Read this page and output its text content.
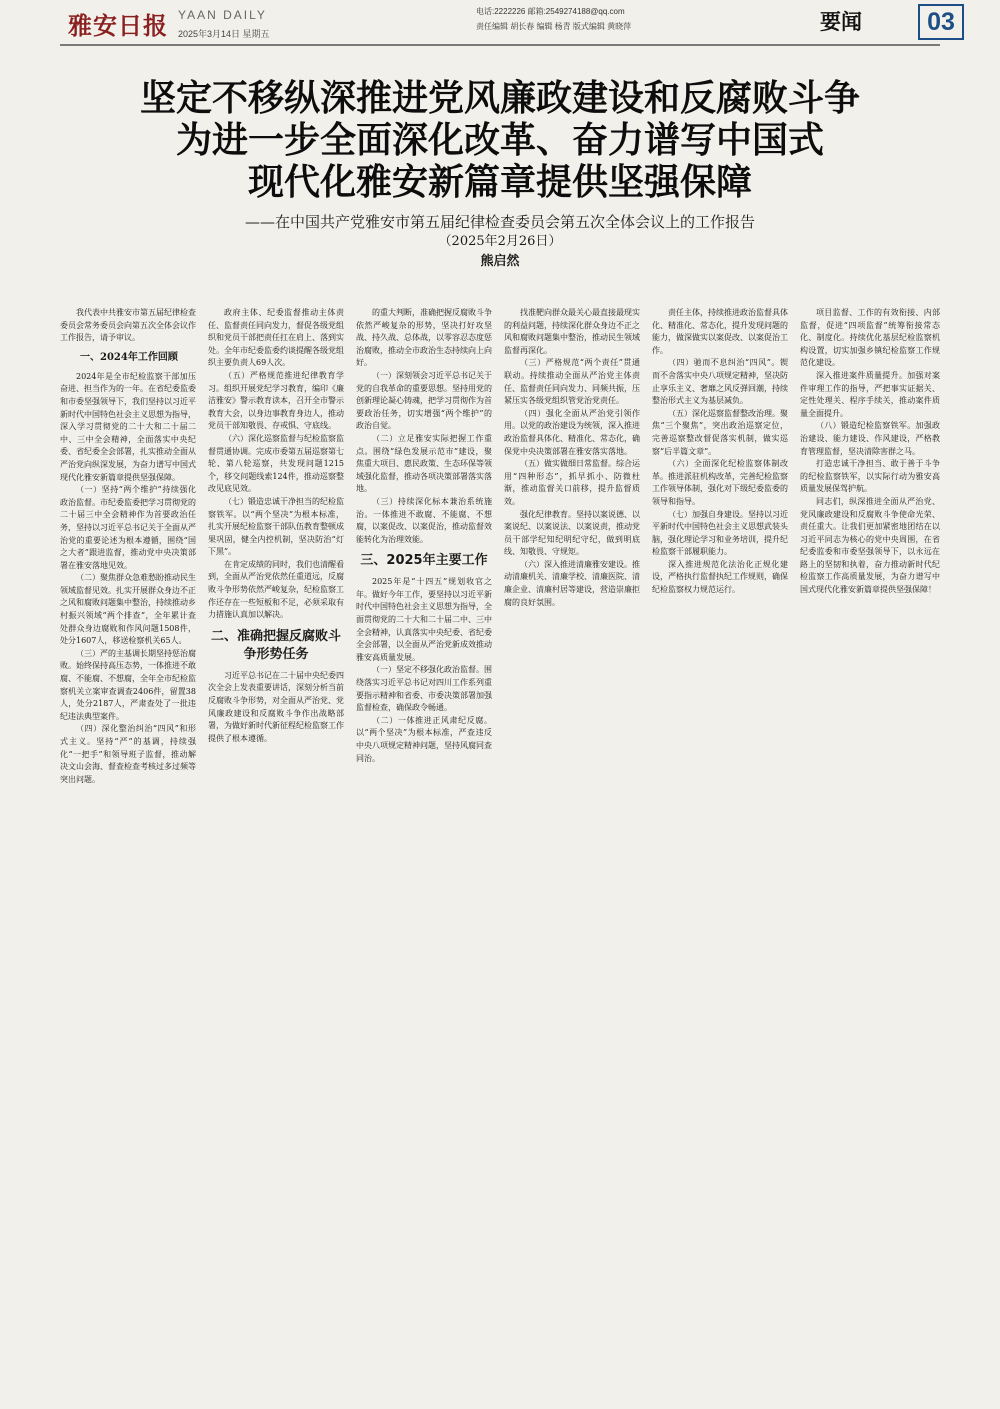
雅安日报 YAAN DAILY
2025年3月14日 星期五
电话:2222226 邮箱:2549274188@qq.com
责任编辑 胡长春 编辑 杨青 版式编辑 黄晓萍	要闻	03
坚定不移纵深推进党风廉政建设和反腐败斗争
为进一步全面深化改革、奋力谱写中国式
现代化雅安新篇章提供坚强保障
——在中国共产党雅安市第五届纪律检查委员会第五次全体会议上的工作报告
（2025年2月26日）
熊启然

我代表中共雅安市第五届纪律检查委员会常务委员会向第五次全体会议作工作报告，请予审议。

一、2024年工作回顾

2024年是全市纪检监察干部加压奋进、担当作为的一年。在省纪委监委和市委坚强领导下，我们坚持以习近平新时代中国特色社会主义思想为指导，深入学习贯彻党的二十大和二十届二中、三中全会精神，全面落实中央纪委、省纪委全会部署，扎实推动全面从严治党向纵深发展，为奋力谱写中国式现代化雅安新篇章提供坚强保障。

（一）坚持“两个维护”持续强化政治监督。市纪委监委把学习贯彻党的二十届三中全会精神作为首要政治任务，坚持以习近平总书记关于全面从严治党的重要论述为根本遵循，围绕“国之大者”跟进监督，推动党中央决策部署在雅安落地见效。

（二）聚焦群众急难愁盼推动民生领域监督见效。扎实开展群众身边不正之风和腐败问题集中整治，持续推动乡村振兴领域“两个排查”，全年累计查处群众身边腐败和作风问题1508件，处分1607人，移送检察机关65人。

（三）严的主基调长期坚持惩治腐败。始终保持高压态势，一体推进不敢腐、不能腐、不想腐，全年全市纪检监察机关立案审查调查2406件，留置38人，处分2187人，严肃查处了一批违纪违法典型案件。

（四）深化整治纠治“四风”和形式主义。坚持“严”的基调，持续强化“一把手”和领导班子监督，推动解决文山会海、督查检查考核过多过频等突出问题。

政府主体、纪委监督推动主体责任、监督责任同向发力，督促各级党组织和党员干部把责任扛在肩上、落到实处。全年市纪委监委约谈提醒各级党组织主要负责人69人次。

（五）严格规范推进纪律教育学习。组织开展党纪学习教育，编印《廉洁雅安》警示教育读本，召开全市警示教育大会，以身边事教育身边人，推动党员干部知敬畏、存戒惧、守底线。

（六）深化巡察监督与纪检监察监督贯通协调。完成市委第五届巡察第七轮、第八轮巡察，共发现问题1215个，移交问题线索124件，推动巡察整改见底见效。

（七）锻造忠诚干净担当的纪检监察铁军。以“两个坚决”为根本标准，扎实开展纪检监察干部队伍教育整顿成果巩固，健全内控机制，坚决防治“灯下黑”。

在肯定成绩的同时，我们也清醒看到，全面从严治党依然任重道远，反腐败斗争形势依然严峻复杂，纪检监察工作还存在一些短板和不足，必须采取有力措施认真加以解决。

二、准确把握反腐败斗争形势任务

习近平总书记在二十届中央纪委四次全会上发表重要讲话，深刻分析当前反腐败斗争形势，对全面从严治党、党风廉政建设和反腐败斗争作出战略部署，为做好新时代新征程纪检监察工作提供了根本遵循。

的重大判断，准确把握反腐败斗争依然严峻复杂的形势，坚决打好攻坚战、持久战、总体战，以零容忍态度惩治腐败，推动全市政治生态持续向上向好。

（一）深刻领会习近平总书记关于党的自我革命的重要思想。坚持用党的创新理论凝心铸魂，把学习贯彻作为首要政治任务，切实增强“两个维护”的政治自觉。

（二）立足雅安实际把握工作重点。围绕“绿色发展示范市”建设，聚焦重大项目、惠民政策、生态环保等领域强化监督，推动各项决策部署落实落地。

（三）持续深化标本兼治系统施治。一体推进不敢腐、不能腐、不想腐，以案促改、以案促治，推动监督效能转化为治理效能。

三、2025年主要工作

2025年是“十四五”规划收官之年。做好今年工作，要坚持以习近平新时代中国特色社会主义思想为指导，全面贯彻党的二十大和二十届二中、三中全会精神，认真落实中央纪委、省纪委全会部署，以全面从严治党新成效推动雅安高质量发展。

（一）坚定不移强化政治监督。围绕落实习近平总书记对四川工作系列重要指示精神和省委、市委决策部署加强监督检查，确保政令畅通。

（二）一体推进正风肃纪反腐。以“两个坚决”为根本标准，严查违反中央八项规定精神问题，坚持风腐同查同治。

找准靶向群众最关心最直接最现实的利益问题，持续深化群众身边不正之风和腐败问题集中整治，推动民生领域监督再深化。

（三）严格规范“两个责任”贯通联动。持续推动全面从严治党主体责任、监督责任同向发力、同频共振，压紧压实各级党组织管党治党责任。

（四）强化全面从严治党引领作用。以党的政治建设为统领，深入推进政治监督具体化、精准化、常态化，确保党中央决策部署在雅安落实落地。

（五）做实做细日常监督。综合运用“四种形态”，抓早抓小、防微杜渐，推动监督关口前移，提升监督质效。

强化纪律教育。坚持以案说德、以案说纪、以案说法、以案说责，推动党员干部学纪知纪明纪守纪，做到明底线、知敬畏、守规矩。

（六）深入推进清廉雅安建设。推动清廉机关、清廉学校、清廉医院、清廉企业、清廉村居等建设，营造崇廉拒腐的良好氛围。

责任主体，持续推进政治监督具体化、精准化、常态化，提升发现问题的能力，做深做实以案促改、以案促治工作。

（四）驰而不息纠治“四风”。锲而不舍落实中央八项规定精神，坚决防止享乐主义、奢靡之风反弹回潮，持续整治形式主义为基层减负。

（五）深化巡察监督整改治理。聚焦“三个聚焦”，突出政治巡察定位，完善巡察整改督促落实机制，做实巡察“后半篇文章”。

（六）全面深化纪检监察体制改革。推进派驻机构改革，完善纪检监察工作领导体制，强化对下级纪委监委的领导和指导。

（七）加强自身建设。坚持以习近平新时代中国特色社会主义思想武装头脑，强化理论学习和业务培训，提升纪检监察干部履职能力。

深入推进规范化法治化正规化建设，严格执行监督执纪工作规则，确保纪检监察权力规范运行。

项目监督、工作的有效衔接、内部监督，促进“四项监督”统筹衔接常态化、制度化。持续优化基层纪检监察机构设置，切实加强乡镇纪检监察工作规范化建设。

深入推进案件质量提升。加强对案件审理工作的指导，严把事实证据关、定性处理关、程序手续关，推动案件质量全面提升。

（八）锻造纪检监察铁军。加强政治建设、能力建设、作风建设，严格教育管理监督，坚决清除害群之马。

打造忠诚干净担当、敢于善于斗争的纪检监察铁军，以实际行动为雅安高质量发展保驾护航。

同志们，纵深推进全面从严治党、党风廉政建设和反腐败斗争使命光荣、责任重大。让我们更加紧密地团结在以习近平同志为核心的党中央周围，在省纪委监委和市委坚强领导下，以永远在路上的坚韧和执着，奋力推动新时代纪检监察工作高质量发展，为奋力谱写中国式现代化雅安新篇章提供坚强保障！
